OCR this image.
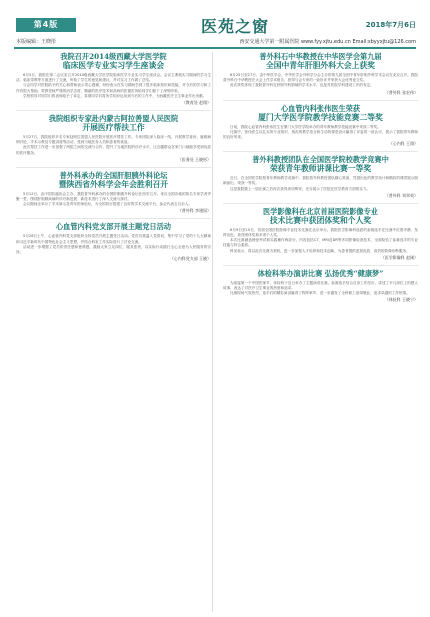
第4版
本版编辑：王晓彤
医苑之窗	2018年7月6日
西安交通大学第一附属医院 www.fyy.xjtu.edu.cn Email:sbyyxjtu@126.com
我院召开2014级西藏大学医学院
临床医学专业实习学生座谈会

6月5日，我院在第二会议室召开2014级西藏大学医学院临床医学专业实习学生座谈会。会议主要就实习期间的学习生活、临床带教等方面进行了交流，听取了学生的意见和建议，并对实习工作做了总结。

与会同学对医院给予的关心和帮助表示衷心感谢，纷纷表示在实习期间学到了很多临床知识和技能，对今后的学习和工作有很大帮助。带教老师严谨的治学态度、精湛的医疗技术和高尚的医德医风给同学们留下了深刻印象。

学校领导对同学们的表现给予了肯定，希望同学们将所学知识运用到今后的工作中，为西藏医疗卫生事业作出贡献。

（教育处 赵翔）
我院组织专家赴内蒙古阿拉善盟人民医院
开展医疗帮扶工作

5月27日，我院组织多名专家赴阿拉善盟人民医院开展医疗帮扶工作。专家团队深入临床一线，开展教学查房、疑难病例讨论、手术示教及专题讲座等活动，受到当地医务人员和患者的欢迎。

此次帮扶工作进一步加强了两院之间的交流与合作，提升了当地医院的诊疗水平，让边疆群众在家门口就能享受到优质的医疗服务。

（医务处 王晓彤）
普外科承办的全国肝胆胰外科论坛
暨陕西省外科学会年会胜利召开

5月12日，由中国抗癌协会主办、我院普外科承办的全国肝胆胰外科论坛在西安召开。来自全国各地的知名专家学者齐聚一堂，围绕肝胆胰疾病的诊疗新进展、新技术进行了深入交流与探讨。

会议期间还举办了手术演示及青年医师论坛，为全国同行搭建了良好的学术交流平台，参会代表五百余人。

（普外科 李建国）
心血管内科党支部开展主题党日活动

5月28日上午，心血管内科党支部组织全体党员开展主题党日活动。党员们重温入党誓词，集中学习了党的十九大精神和习近平新时代中国特色社会主义思想，并结合科室工作实际进行了讨论交流。

活动进一步增强了党员的责任感和使命感，激励大家立足岗位、服务患者，以实际行动践行全心全意为人民服务的宗旨。

（心内科党支部 王晓）
普外科石中华教授在中华医学会第九届
全国中青年肝胆外科大会上获奖

6月25日至27日，由中华医学会、中华医学会外科学分会主办的第九届全国中青年肝胆外科学术会议在北京召开。我院普外科石中华教授在大会上作学术报告，获得与会专家的一致好评并荣获大会优秀论文奖。

此次获奖体现了我院普外科在肝胆外科领域的学术水平，也是对医院学科建设工作的肯定。

（普外科 张宏伟）
心血管内科张伟医生荣获
厦门大学医学院教学技能竞赛二等奖

日前，我院心血管内科张伟医生在厦门大学医学院举办的青年教师教学技能竞赛中荣获二等奖。

比赛中，张伟医生以扎实的专业知识、规范的教学语言和生动的课堂设计赢得了评委的一致认可，展示了我院青年教师的良好风采。

（心内科 王翔）
普外科教授团队在全国医学院校教学竞赛中
荣获青年教师讲课比赛一等奖

近日，在全国医学院校青年教师教学竞赛中，我院普外科教授团队精心准备，凭借出色的教学设计和精彩的课堂展示脱颖而出，荣获一等奖。

这是我院继上一届比赛之后再次获得该项殊荣，充分展示了医院在医学教育方面的实力。

（普外科 刘翠英）
医学影像科在北京首届医院影像专业
技术比赛中获团体奖和个人奖

6月9日至10日，首届全国医院影像专业技术比赛在北京举行。我院医学影像科选派的参赛选手在比赛中沉着冷静、发挥出色，获得团体奖和多项个人奖。

本次比赛涵盖理论考试和实践操作两部分，内容包括CT、MRI及DR等多项影像检查技术，全面检验了参赛选手的专业技能与综合素质。

科室表示，将以此次比赛为契机，进一步加强人才培养和技术创新，为患者提供更加优质、高效的影像诊断服务。

（医学影像科 赵刚）
体检科举办演讲比赛 弘扬优秀“健康梦”

为迎接第一个中国医师节，体检科于近日举办了主题演讲比赛。参赛选手结合自身工作经历，讲述了平凡岗位上的感人故事，表达了对医疗卫生事业的热爱和追求。

比赛现场气氛热烈，选手们的精彩演讲赢得了阵阵掌声，进一步激发了全科职工爱岗敬业、追求卓越的工作热情。

（体检科 王晓宁）
